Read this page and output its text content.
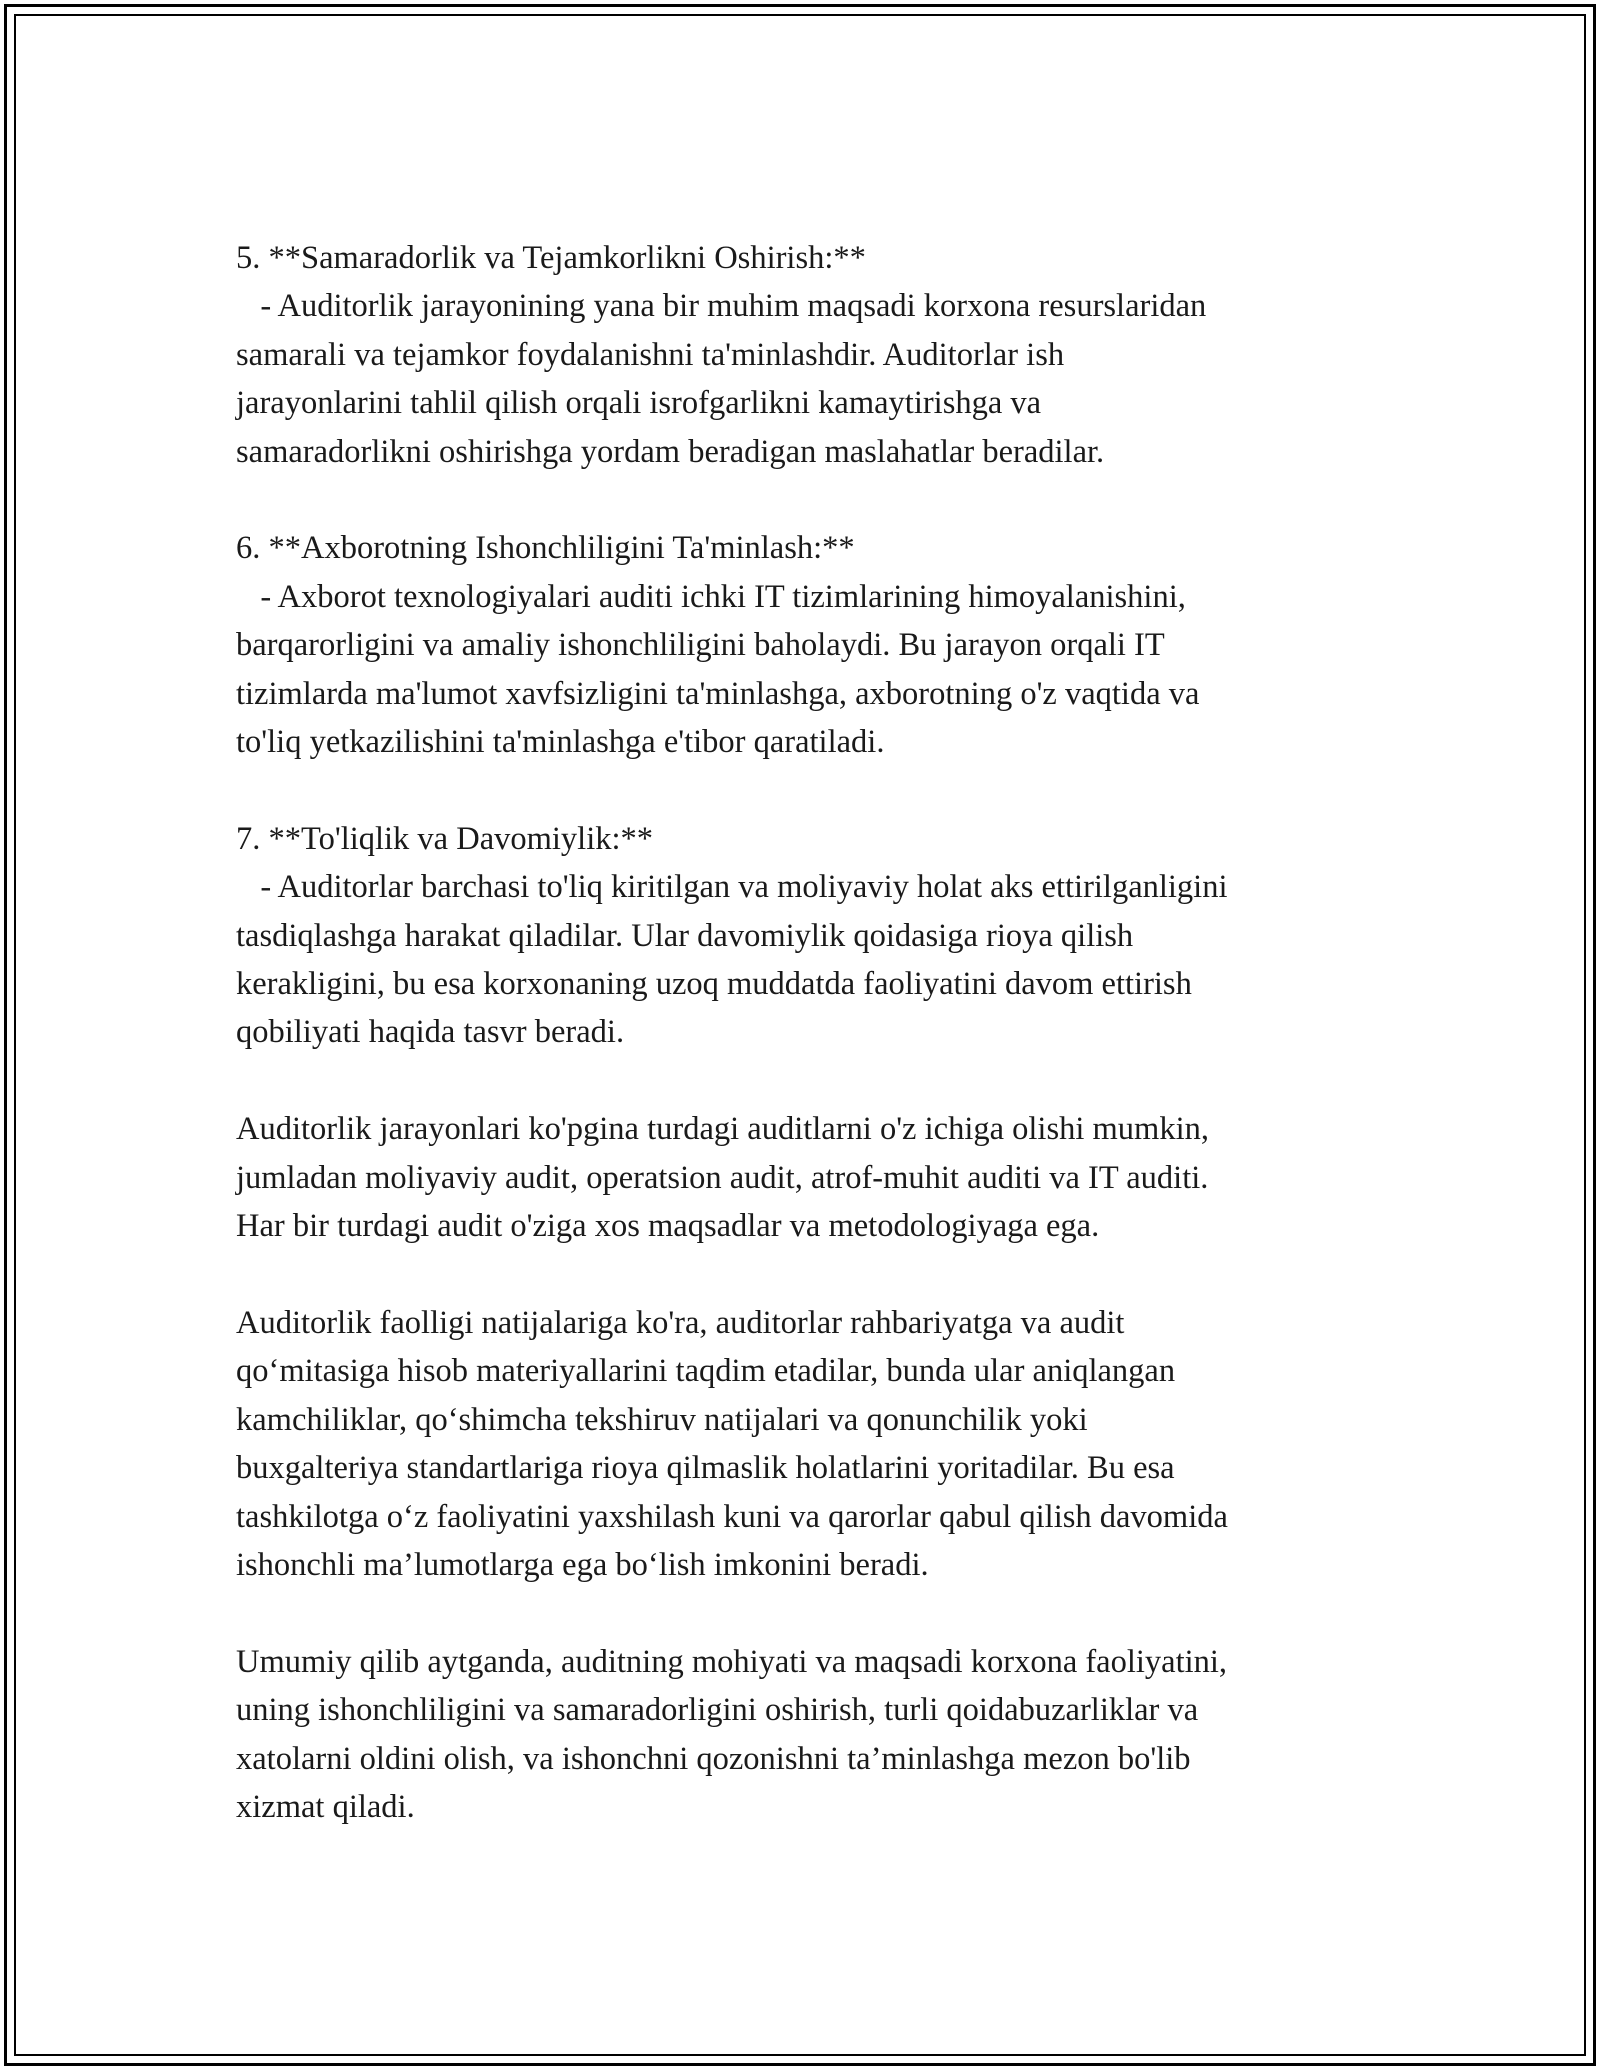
5. **Samaradorlik va Tejamkorlikni Oshirish:**
- Auditorlik jarayonining yana bir muhim maqsadi korxona resurslaridan
samarali va tejamkor foydalanishni ta'minlashdir. Auditorlar ish
jarayonlarini tahlil qilish orqali isrofgarlikni kamaytirishga va
samaradorlikni oshirishga yordam beradigan maslahatlar beradilar.
6. **Axborotning Ishonchliligini Ta'minlash:**
- Axborot texnologiyalari auditi ichki IT tizimlarining himoyalanishini,
barqarorligini va amaliy ishonchliligini baholaydi. Bu jarayon orqali IT
tizimlarda ma'lumot xavfsizligini ta'minlashga, axborotning o'z vaqtida va
to'liq yetkazilishini ta'minlashga e'tibor qaratiladi.
7. **To'liqlik va Davomiylik:**
- Auditorlar barchasi to'liq kiritilgan va moliyaviy holat aks ettirilganligini
tasdiqlashga harakat qiladilar. Ular davomiylik qoidasiga rioya qilish
kerakligini, bu esa korxonaning uzoq muddatda faoliyatini davom ettirish
qobiliyati haqida tasvr beradi.
Auditorlik jarayonlari ko'pgina turdagi auditlarni o'z ichiga olishi mumkin,
jumladan moliyaviy audit, operatsion audit, atrof-muhit auditi va IT auditi.
Har bir turdagi audit o'ziga xos maqsadlar va metodologiyaga ega.
Auditorlik faolligi natijalariga ko'ra, auditorlar rahbariyatga va audit
qo‘mitasiga hisob materiyallarini taqdim etadilar, bunda ular aniqlangan
kamchiliklar, qo‘shimcha tekshiruv natijalari va qonunchilik yoki
buxgalteriya standartlariga rioya qilmaslik holatlarini yoritadilar. Bu esa
tashkilotga o‘z faoliyatini yaxshilash kuni va qarorlar qabul qilish davomida
ishonchli ma’lumotlarga ega bo‘lish imkonini beradi.
Umumiy qilib aytganda, auditning mohiyati va maqsadi korxona faoliyatini,
uning ishonchliligini va samaradorligini oshirish, turli qoidabuzarliklar va
xatolarni oldini olish, va ishonchni qozonishni ta’minlashga mezon bo'lib
xizmat qiladi.
